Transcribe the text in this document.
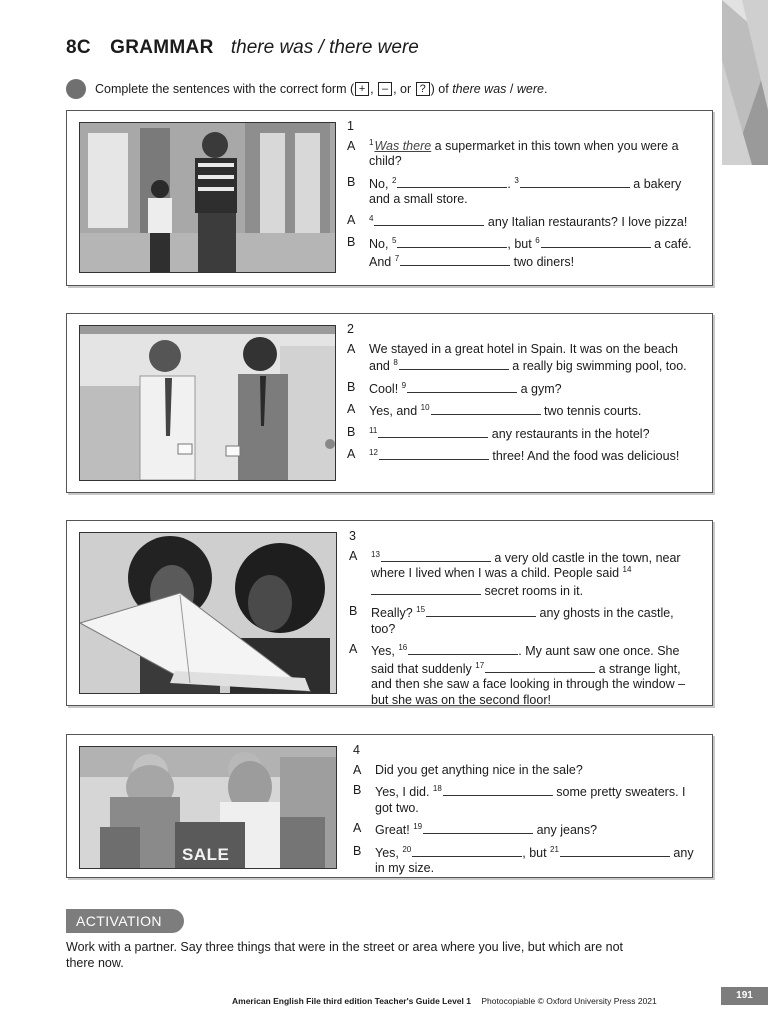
8C GRAMMAR there was / there were
Complete the sentences with the correct form ( + , – , or ? ) of there was / were.
1
A	$^1$Was there a supermarket in this town when you were a child?
B	No, $^2$	. $^3$	a bakery and a small store.
A	$^4$	any Italian restaurants? I love pizza!
B	No, $^5$	, but $^6$	a café. And $^7$	two diners!
2
A	We stayed in a great hotel in Spain. It was on the beach and $^8$	a really big swimming pool, too.
B	Cool! $^9$	a gym?
A	Yes, and $^{10}$	two tennis courts.
B	$^{11}$	any restaurants in the hotel?
A	$^{12}$	three! And the food was delicious!
3
A	$^{13}$	a very old castle in the town, near where I lived when I was a child. People said $^{14}$ secret rooms in it.
B	Really? $^{15}$	any ghosts in the castle, too?
A	Yes, $^{16}$	. My aunt saw one once. She said that suddenly $^{17}$	a strange light, and then she saw a face looking in through the window – but she was on the second floor!
SALE
4
A	Did you get anything nice in the sale?
B	Yes, I did. $^{18}$	some pretty sweaters. I got two.
A	Great! $^{19}$	any jeans?
B	Yes, $^{20}$	, but $^{21}$	any in my size.
ACTIVATION
Work with a partner. Say three things that were in the street or area where you live, but which are not there now.
American English File third edition Teacher's Guide Level 1 Photocopiable © Oxford University Press 2021	191
